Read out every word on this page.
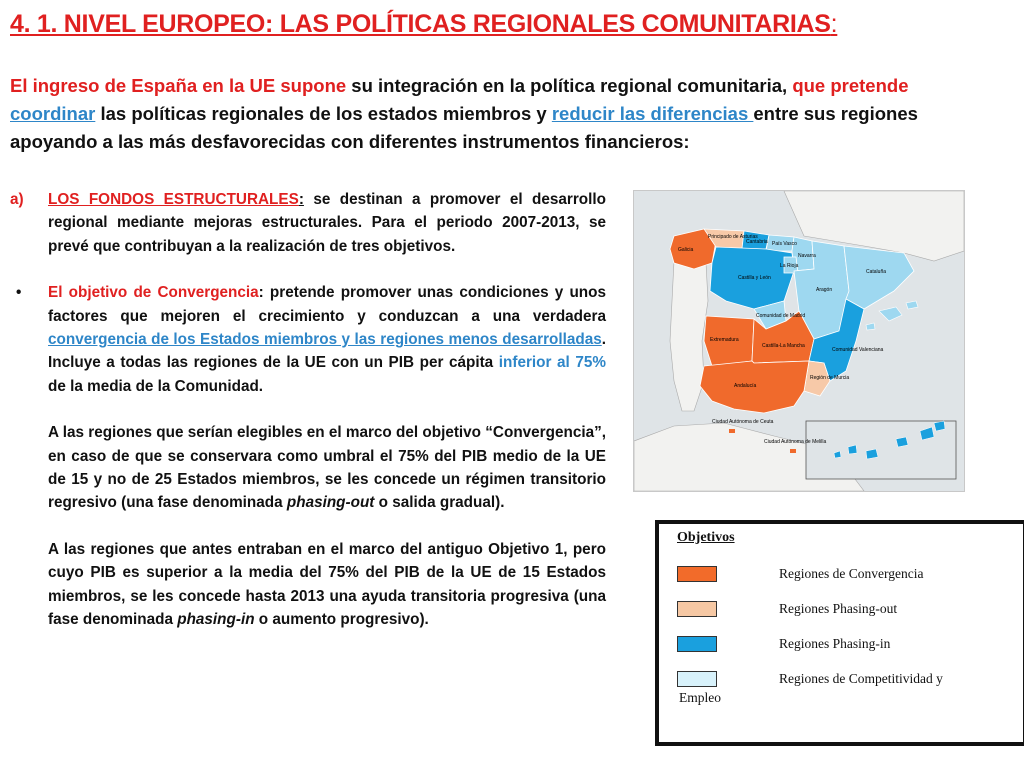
4. 1. NIVEL EUROPEO: LAS POLÍTICAS REGIONALES COMUNITARIAS:
El ingreso de España en la UE supone su integración en la política regional comunitaria, que pretende
coordinar las políticas regionales de los estados miembros y reducir las diferencias entre sus regiones apoyando a las más desfavorecidas con diferentes instrumentos financieros:
a) LOS FONDOS ESTRUCTURALES: se destinan a promover el desarrollo regional mediante mejoras estructurales. Para el periodo 2007-2013, se prevé que contribuyan a la realización de tres objetivos.
• El objetivo de Convergencia: pretende promover unas condiciones y unos factores que mejoren el crecimiento y conduzcan a una verdadera convergencia de los Estados miembros y las regiones menos desarrolladas. Incluye a todas las regiones de la UE con un PIB per cápita inferior al 75% de la media de la Comunidad.
A las regiones que serían elegibles en el marco del objetivo “Convergencia”, en caso de que se conservara como umbral el 75% del PIB medio de la UE de 15 y no de 25 Estados miembros, se les concede un régimen transitorio regresivo (una fase denominada phasing-out o salida gradual).
A las regiones que antes entraban en el marco del antiguo Objetivo 1, pero cuyo PIB es superior a la media del 75% del PIB de la UE de 15 Estados miembros, se les concede hasta 2013 una ayuda transitoria progresiva (una fase denominada phasing-in o aumento progresivo).
Galicia
Principado de Asturias
Cantabria País Vasco
Navarra
Castilla y León
La Rioja
Aragón
Cataluña
Comunidad de Madrid
Extremadura
Castilla-La Mancha
Comunidad Valenciana
Región de Murcia
Andalucía
Ciudad Autónoma de Ceuta
Ciudad Autónoma de Melilla
Objetivos
Regiones de Convergencia
Regiones Phasing-out
Regiones Phasing-in
Regiones de Competitividad y
Empleo
